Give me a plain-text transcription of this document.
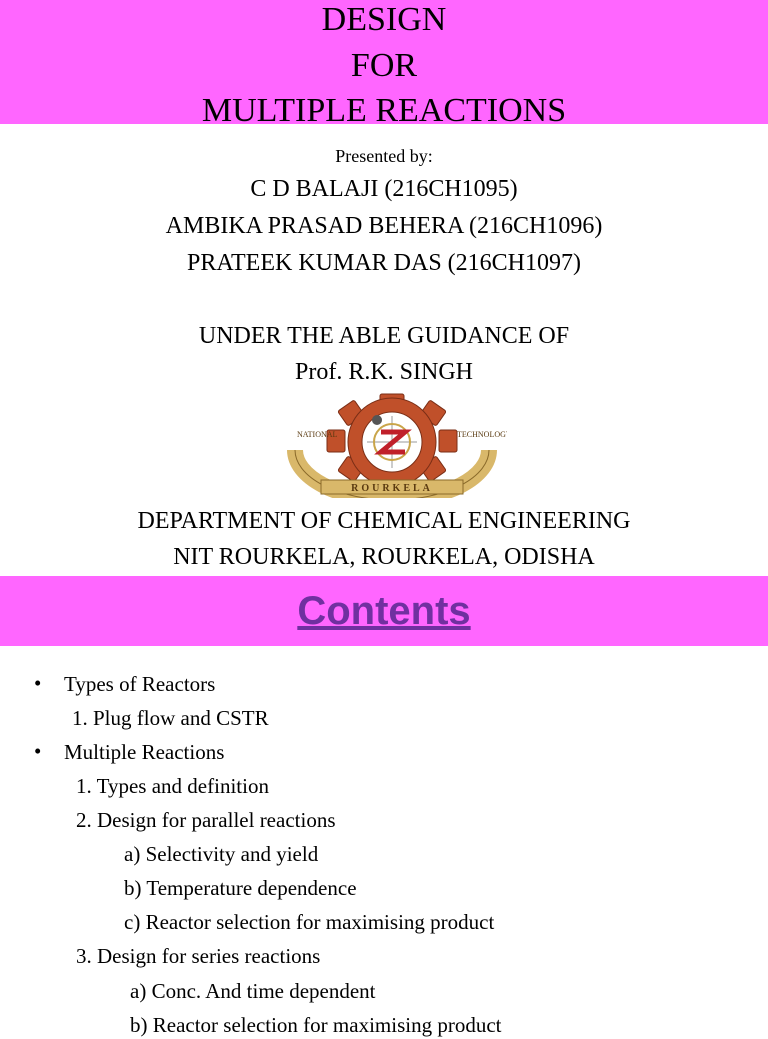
DESIGN
FOR
MULTIPLE REACTIONS
Presented by:
C D BALAJI (216CH1095)
AMBIKA PRASAD BEHERA (216CH1096)
PRATEEK KUMAR DAS (216CH1097)
UNDER THE ABLE GUIDANCE OF
Prof. R.K. SINGH
ROURKELA
NATIONAL	TECHNOLOGY
DEPARTMENT OF CHEMICAL ENGINEERING
NIT ROURKELA, ROURKELA, ODISHA
Contents
• Types of Reactors
1. Plug flow and CSTR
• Multiple Reactions
1. Types and definition
2. Design for parallel reactions
a) Selectivity and yield
b) Temperature dependence
c) Reactor selection for maximising product
3. Design for series reactions
a) Conc. And time dependent
b) Reactor selection for maximising product
